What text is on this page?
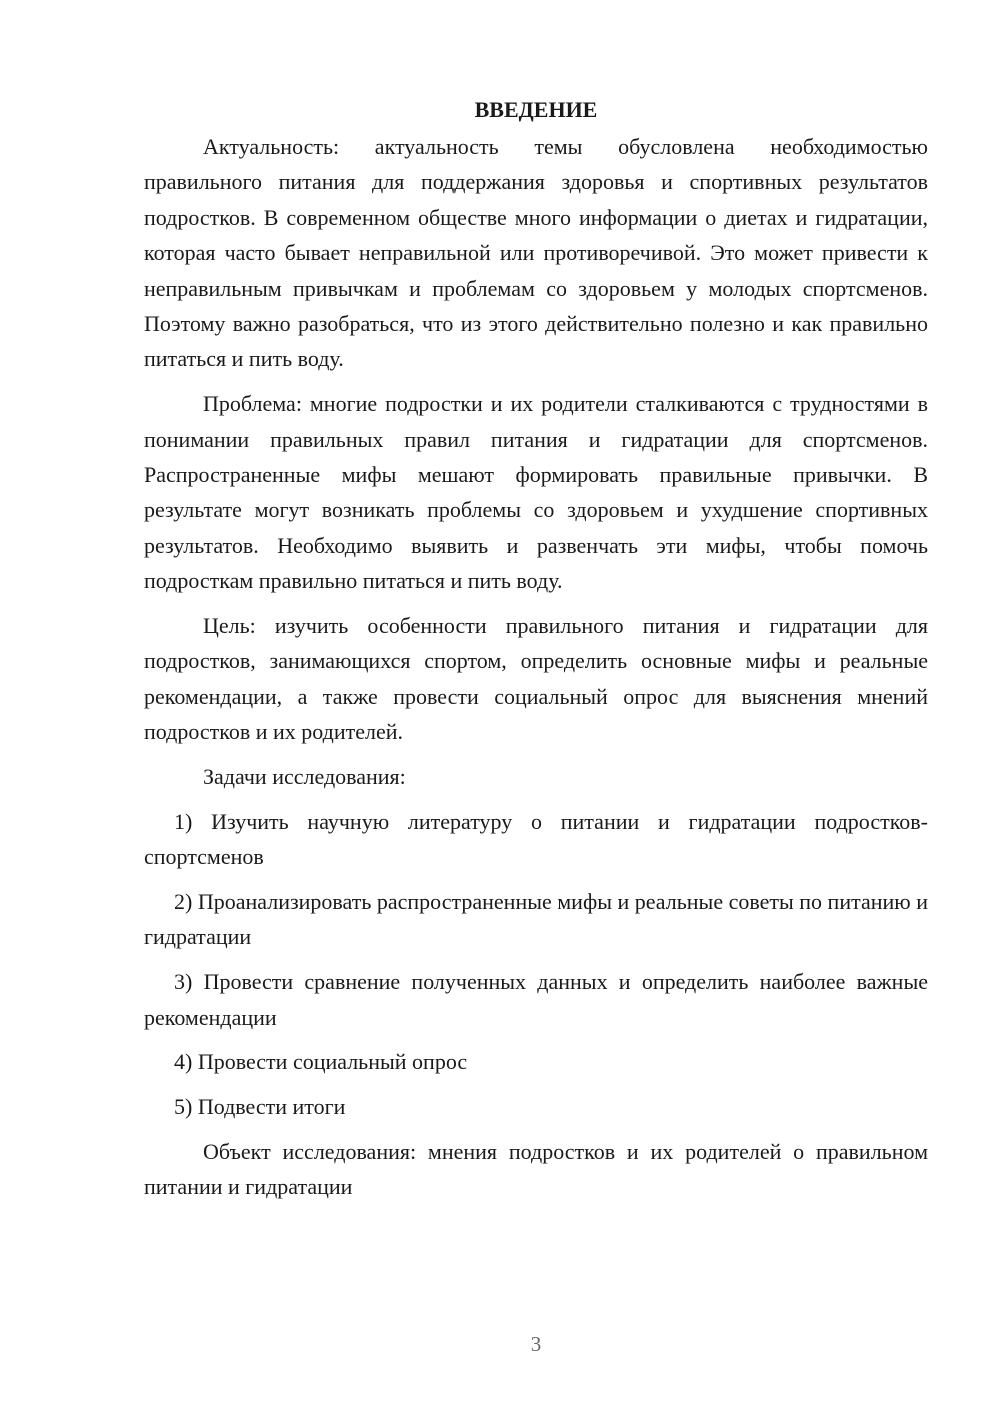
ВВЕДЕНИЕ

Актуальность: актуальность темы обусловлена необходимостью правильного питания для поддержания здоровья и спортивных результатов подростков. В современном обществе много информации о диетах и гидратации, которая часто бывает неправильной или противоречивой. Это может привести к неправильным привычкам и проблемам со здоровьем у молодых спортсменов. Поэтому важно разобраться, что из этого действительно полезно и как правильно питаться и пить воду.

Проблема: многие подростки и их родители сталкиваются с трудностями в понимании правильных правил питания и гидратации для спортсменов. Распространенные мифы мешают формировать правильные привычки. В результате могут возникать проблемы со здоровьем и ухудшение спортивных результатов. Необходимо выявить и развенчать эти мифы, чтобы помочь подросткам правильно питаться и пить воду.

Цель: изучить особенности правильного питания и гидратации для подростков, занимающихся спортом, определить основные мифы и реальные рекомендации, а также провести социальный опрос для выяснения мнений подростков и их родителей.

Задачи исследования:

1) Изучить научную литературу о питании и гидратации подростков-спортсменов

2) Проанализировать распространенные мифы и реальные советы по питанию и гидратации

3) Провести сравнение полученных данных и определить наиболее важные рекомендации

4) Провести социальный опрос

5) Подвести итоги

Объект исследования: мнения подростков и их родителей о правильном питании и гидратации

3
